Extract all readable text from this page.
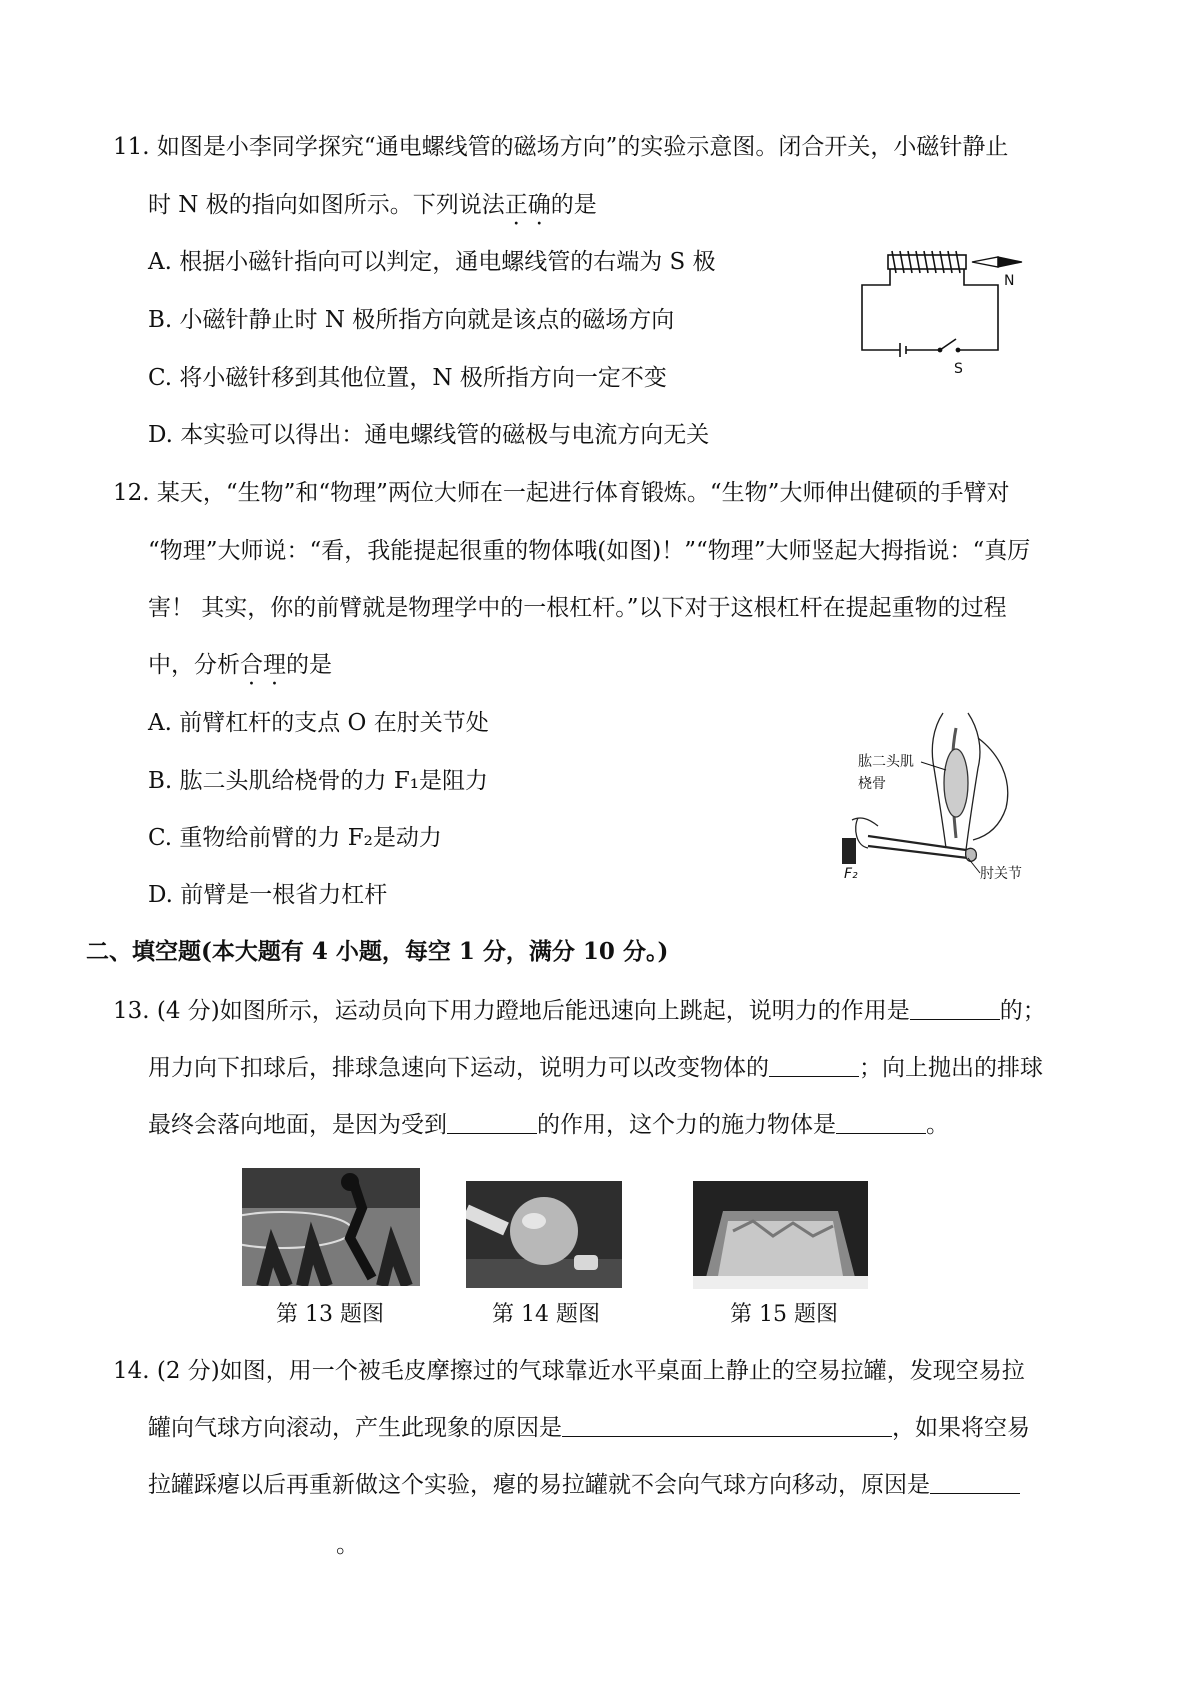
11. 如图是小李同学探究“通电螺线管的磁场方向”的实验示意图。闭合开关，小磁针静止
时 N 极的指向如图所示。下列说法正确的是
A. 根据小磁针指向可以判定，通电螺线管的右端为 S 极
B. 小磁针静止时 N 极所指方向就是该点的磁场方向
C. 将小磁针移到其他位置，N 极所指方向一定不变
D. 本实验可以得出：通电螺线管的磁极与电流方向无关
N
S
12. 某天，“生物”和“物理”两位大师在一起进行体育锻炼。“生物”大师伸出健硕的手臂对
“物理”大师说：“看，我能提起很重的物体哦(如图)！”“物理”大师竖起大拇指说：“真厉
害！ 其实，你的前臂就是物理学中的一根杠杆。”以下对于这根杠杆在提起重物的过程
中，分析合理的是
A. 前臂杠杆的支点 O 在肘关节处
B. 肱二头肌给桡骨的力 F₁是阻力
C. 重物给前臂的力 F₂是动力
D. 前臂是一根省力杠杆
肱二头肌
桡骨
F₂	肘关节
二、填空题(本大题有 4 小题，每空 1 分，满分 10 分。)
13. (4 分)如图所示，运动员向下用力蹬地后能迅速向上跳起，说明力的作用是	的；
用力向下扣球后，排球急速向下运动，说明力可以改变物体的	；向上抛出的排球
最终会落向地面，是因为受到	的作用，这个力的施力物体是	。
第 13 题图	第 14 题图	第 15 题图
14. (2 分)如图，用一个被毛皮摩擦过的气球靠近水平桌面上静止的空易拉罐，发现空易拉
罐向气球方向滚动，产生此现象的原因是	，如果将空易
拉罐踩瘪以后再重新做这个实验，瘪的易拉罐就不会向气球方向移动，原因是
。
